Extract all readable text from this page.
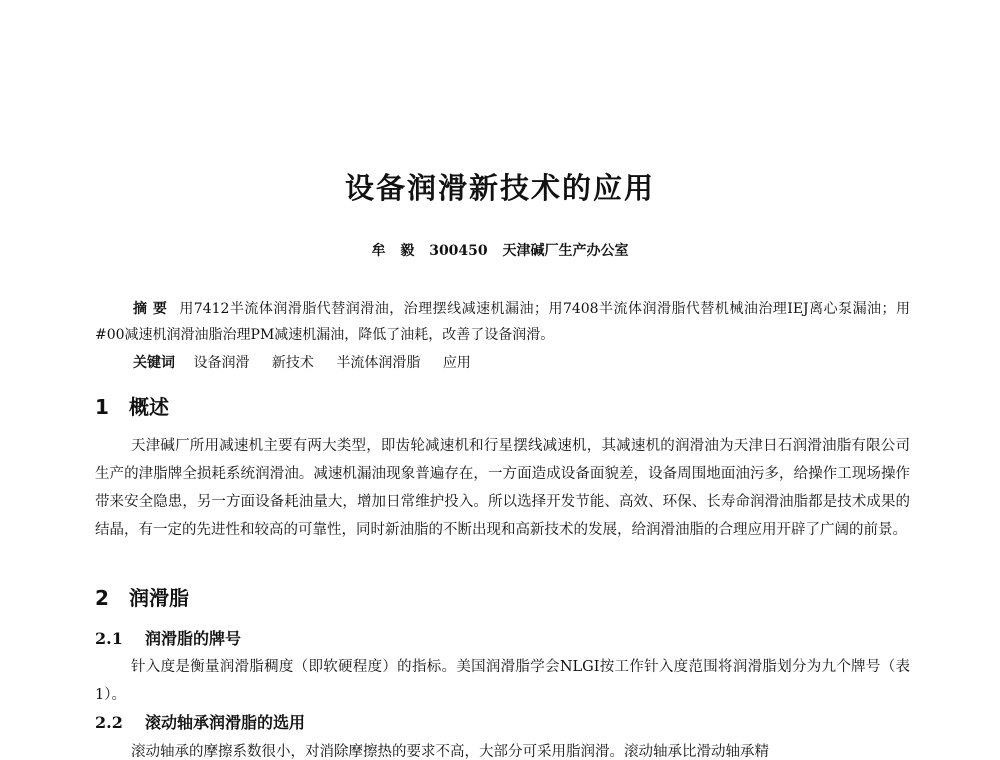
设备润滑新技术的应用
牟 毅 300450 天津碱厂生产办公室

摘 要 用7412半流体润滑脂代替润滑油，治理摆线减速机漏油；用7408半流体润滑脂代替机械油治理IEJ离心泵漏油；用#00减速机润滑油脂治理PM减速机漏油，降低了油耗，改善了设备润滑。

关键词 设备润滑 新技术 半流体润滑脂 应用
1 概述

天津碱厂所用减速机主要有两大类型，即齿轮减速机和行星摆线减速机，其减速机的润滑油为天津日石润滑油脂有限公司生产的津脂牌全损耗系统润滑油。减速机漏油现象普遍存在，一方面造成设备面貌差，设备周围地面油污多，给操作工现场操作带来安全隐患，另一方面设备耗油量大，增加日常维护投入。所以选择开发节能、高效、环保、长寿命润滑油脂都是技术成果的结晶，有一定的先进性和较高的可靠性，同时新油脂的不断出现和高新技术的发展，给润滑油脂的合理应用开辟了广阔的前景。

2 润滑脂
2.1 润滑脂的牌号

针入度是衡量润滑脂稠度（即软硬程度）的指标。美国润滑脂学会NLGI按工作针入度范围将润滑脂划分为九个牌号（表1）。

2.2 滚动轴承润滑脂的选用

滚动轴承的摩擦系数很小，对消除摩擦热的要求不高，大部分可采用脂润滑。滚动轴承比滑动轴承精
